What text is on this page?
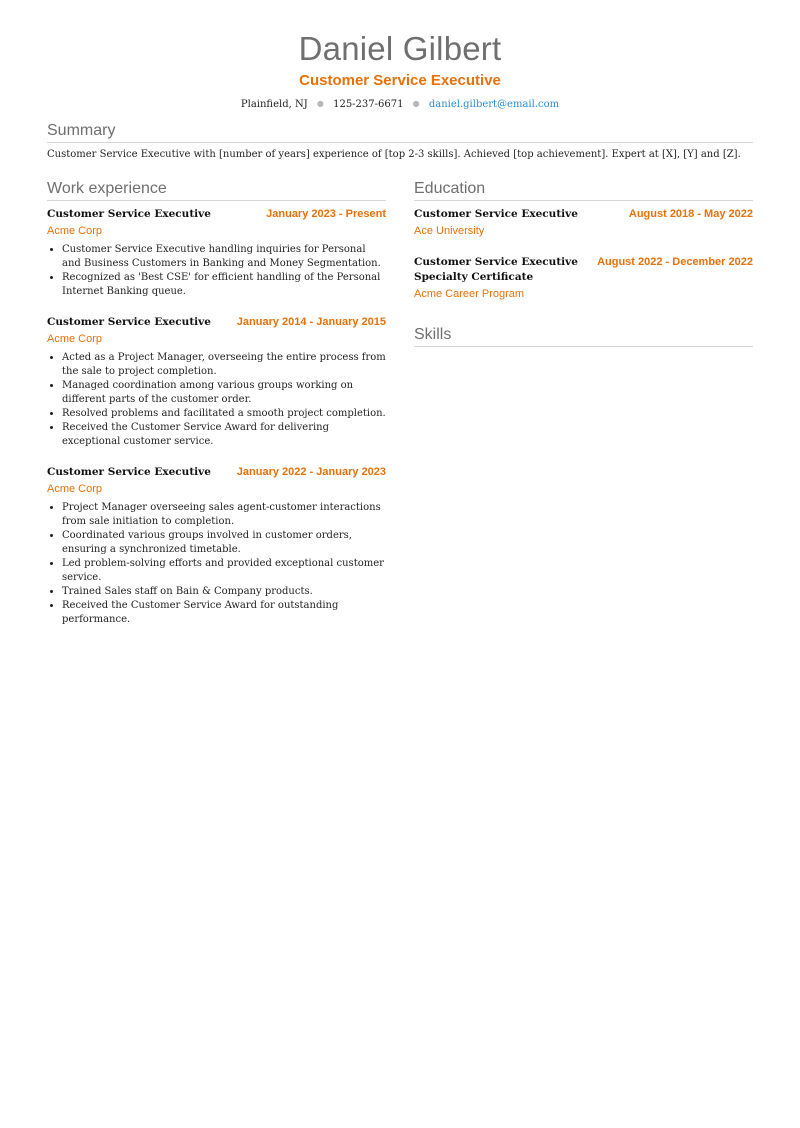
Daniel Gilbert
Customer Service Executive
Plainfield, NJ ● 125-237-6671 ● daniel.gilbert@email.com
Summary
Customer Service Executive with [number of years] experience of [top 2-3 skills]. Achieved [top achievement]. Expert at [X], [Y] and [Z].
Work experience
Customer Service Executive	January 2023 - Present
Acme Corp
• Customer Service Executive handling inquiries for Personal and Business Customers in Banking and Money Segmentation.
• Recognized as 'Best CSE' for efficient handling of the Personal Internet Banking queue.
Customer Service Executive January 2014 - January 2015
Acme Corp
• Acted as a Project Manager, overseeing the entire process from the sale to project completion.
• Managed coordination among various groups working on different parts of the customer order.
• Resolved problems and facilitated a smooth project completion.
• Received the Customer Service Award for delivering exceptional customer service.
Customer Service Executive January 2022 - January 2023
Acme Corp
• Project Manager overseeing sales agent-customer interactions from sale initiation to completion.
• Coordinated various groups involved in customer orders, ensuring a synchronized timetable.
• Led problem-solving efforts and provided exceptional customer service.
• Trained Sales staff on Bain & Company products.
• Received the Customer Service Award for outstanding performance.
Education
Customer Service Executive	August 2018 - May 2022
Ace University
Customer Service Executive Specialty Certificate
August 2022 - December 2022
Acme Career Program
Skills
